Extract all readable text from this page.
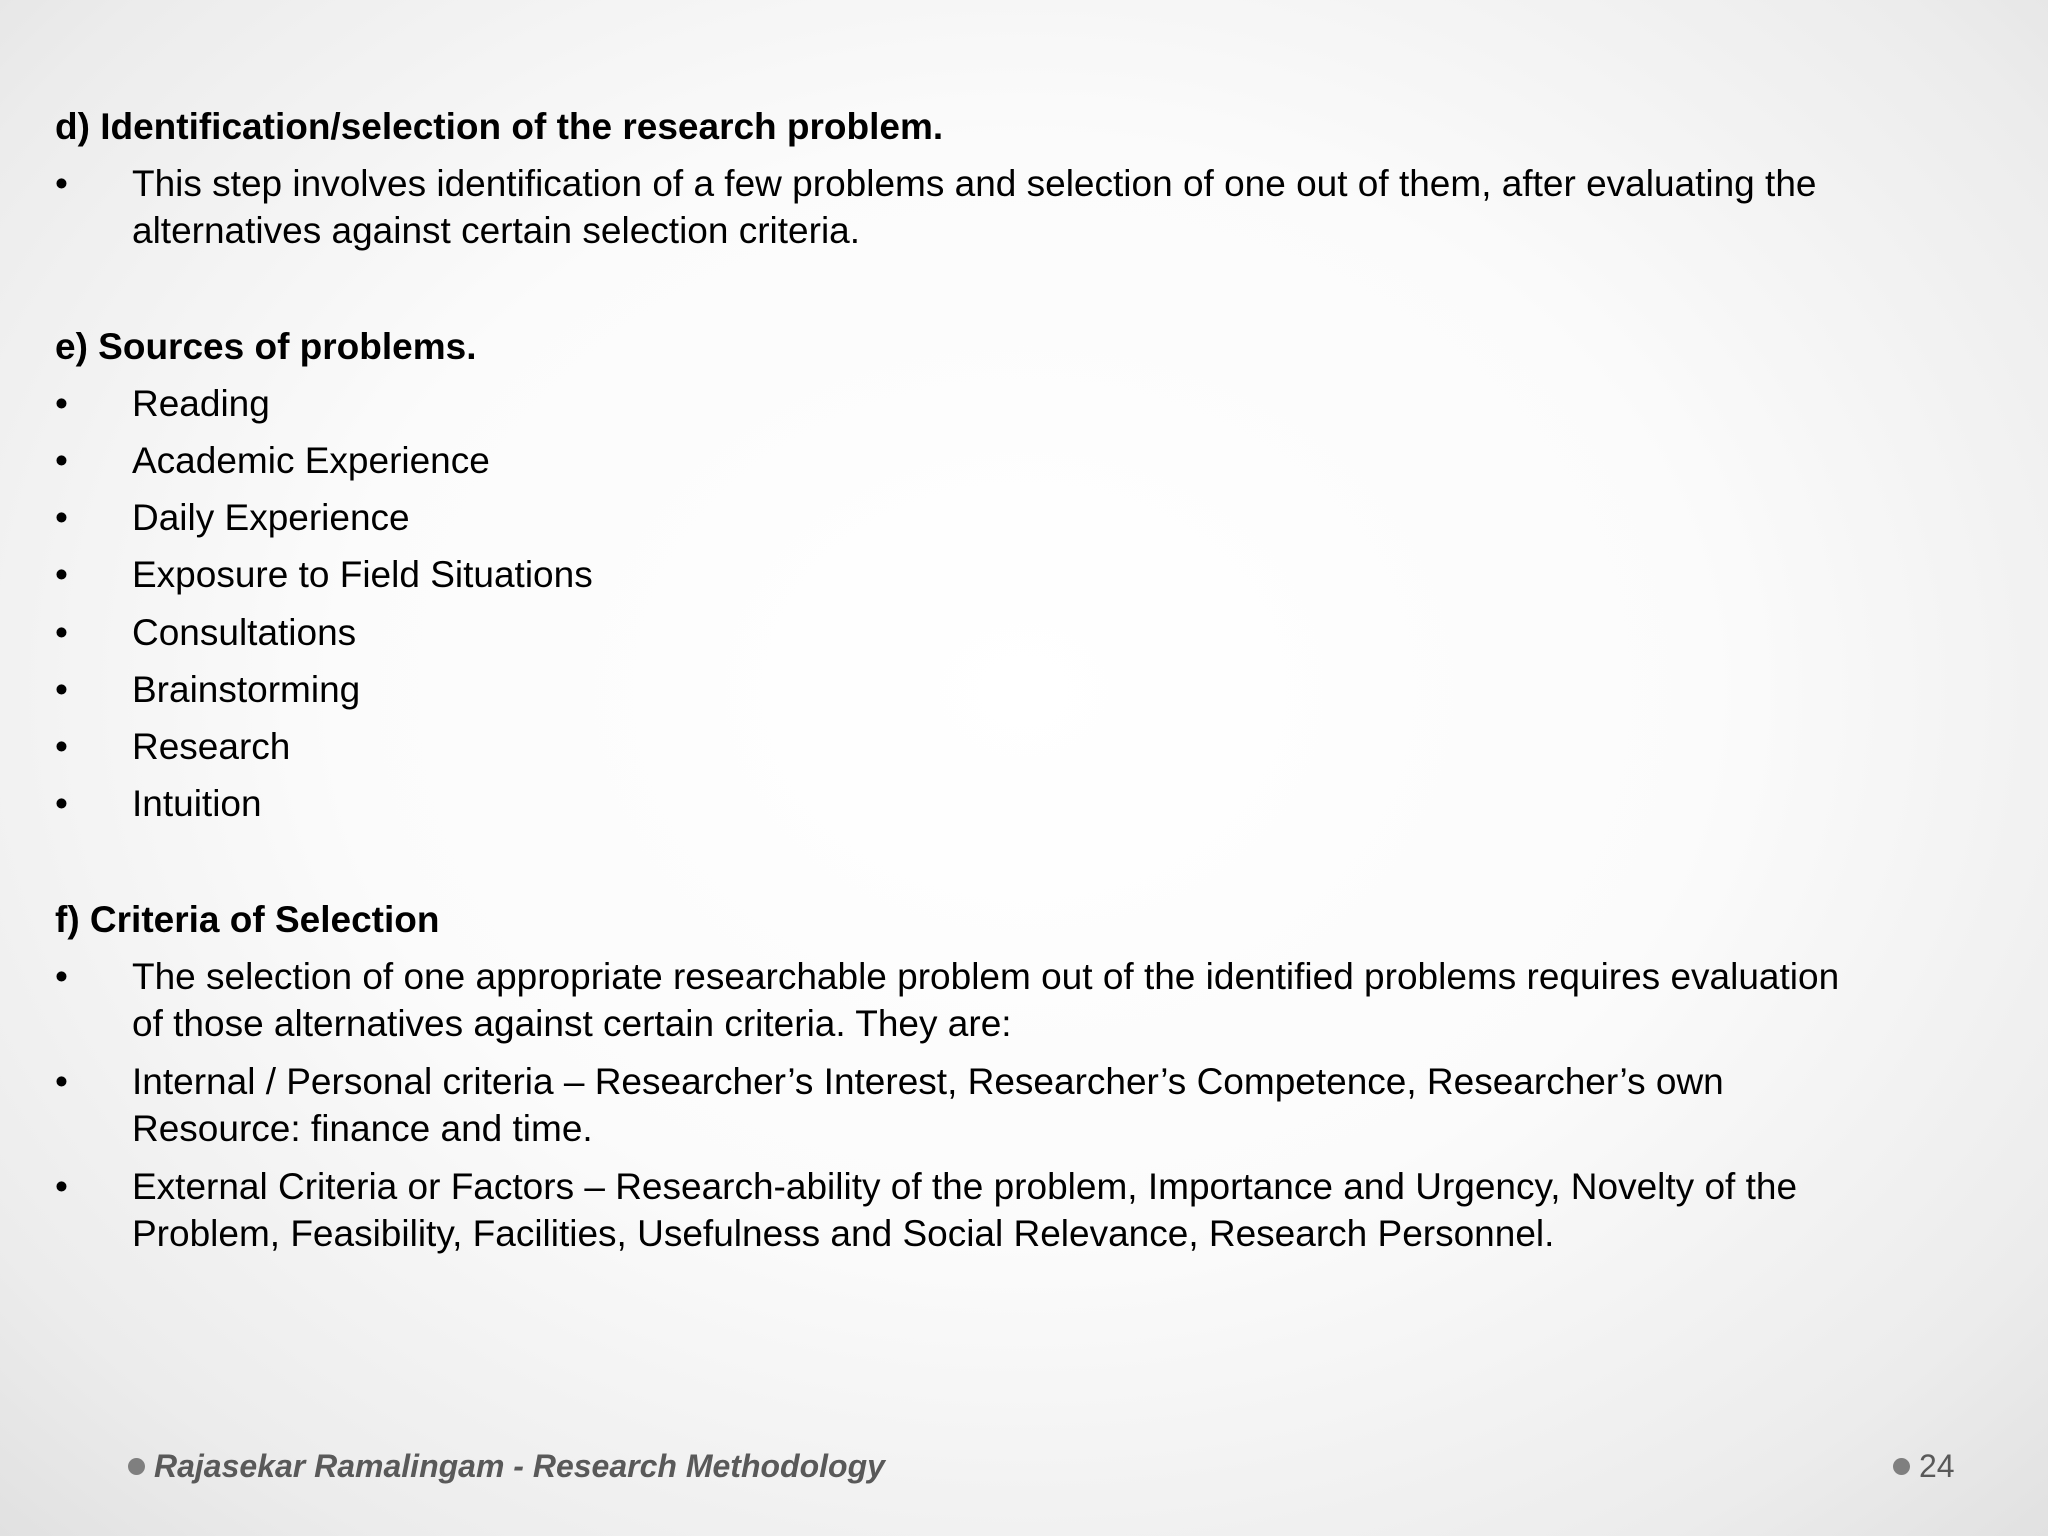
d) Identification/selection of the research problem.
•	This step involves identification of a few problems and selection of one out of them, after evaluating the
alternatives against certain selection criteria.
e) Sources of problems.
•	Reading
•	Academic Experience
•	Daily Experience
•	Exposure to Field Situations
•	Consultations
•	Brainstorming
•	Research
•	Intuition
f) Criteria of Selection
•	The selection of one appropriate researchable problem out of the identified problems requires evaluation
of those alternatives against certain criteria. They are:
•	Internal / Personal criteria – Researcher’s Interest, Researcher’s Competence, Researcher’s own
Resource: finance and time.
•	External Criteria or Factors – Research-ability of the problem, Importance and Urgency, Novelty of the
Problem, Feasibility, Facilities, Usefulness and Social Relevance, Research Personnel.
Rajasekar Ramalingam - Research Methodology	24
